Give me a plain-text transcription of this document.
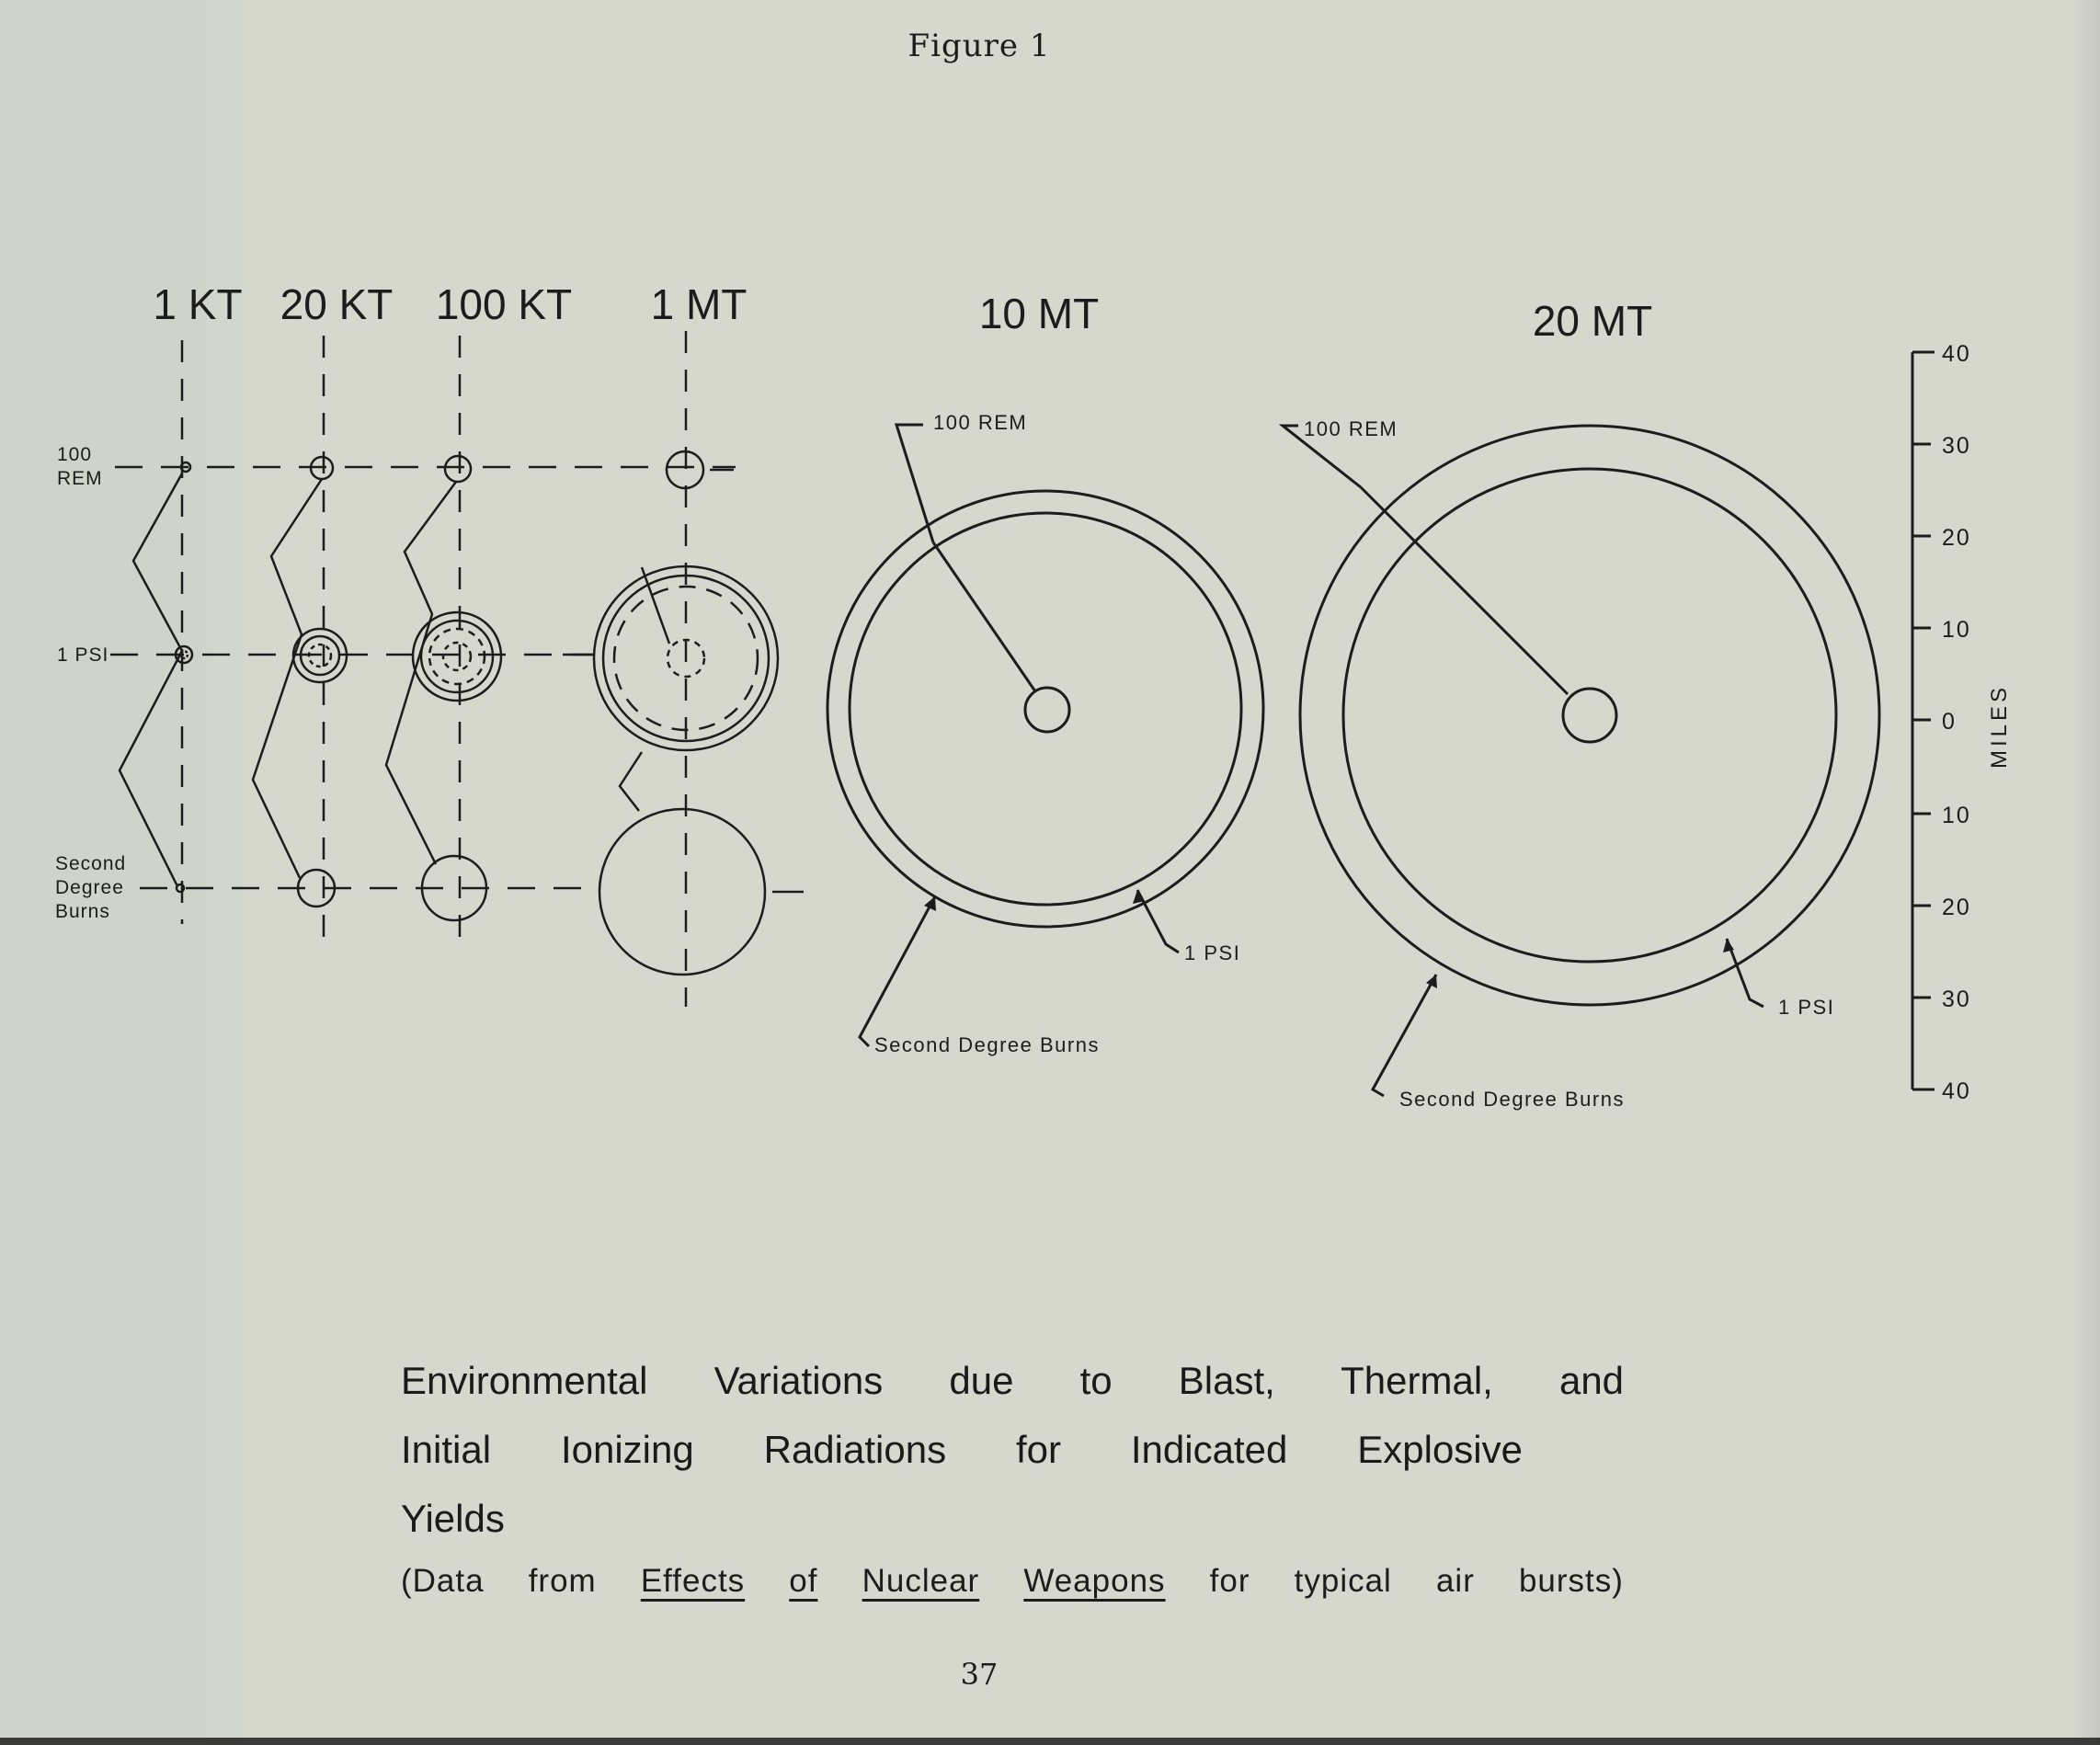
Figure 1
1 KT 20 KT 100 KT 1 MT	10 MT	20 MT
100
REM
1 PSI
Second
Degree
Burns
100 REM	100 REM
1 PSI
1 PSI
Second Degree Burns
Second Degree Burns
40
30
20
10
0
10
20
30
40
MILES
Environmental Variations due to Blast, Thermal, and
Initial Ionizing Radiations for Indicated Explosive
Yields
(Data from Effects of Nuclear Weapons for typical air bursts)
37
